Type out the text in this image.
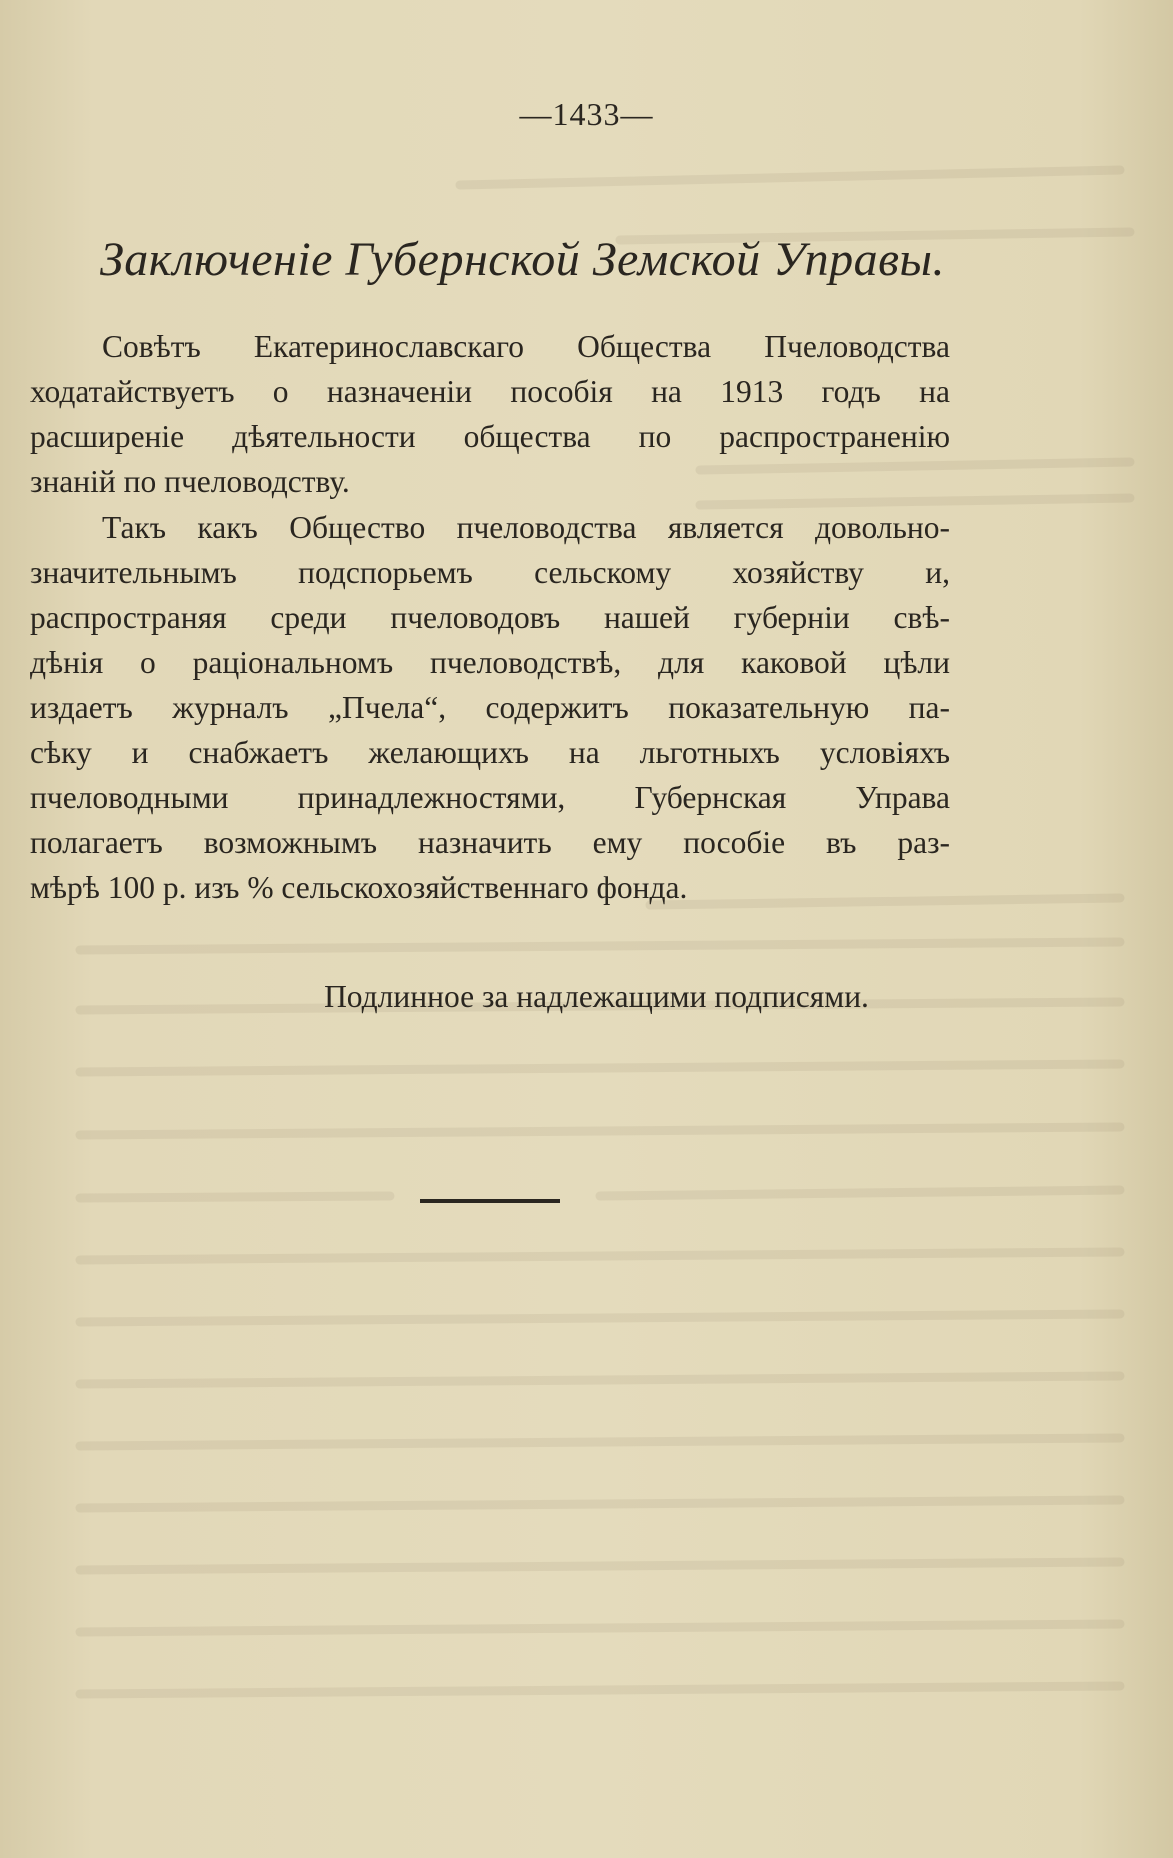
—1433—
Заключеніе Губернской Земской Управы.
Совѣтъ Екатеринославскаго Общества Пчеловодства
ходатайствуетъ о назначеніи пособія на 1913 годъ на
расширеніе дѣятельности общества по распространенію
знаній по пчеловодству.
Такъ какъ Общество пчеловодства является довольно-
значительнымъ подспорьемъ сельскому хозяйству и,
распространяя среди пчеловодовъ нашей губерніи свѣ-
дѣнія о раціональномъ пчеловодствѣ, для каковой цѣли
издаетъ журналъ „Пчела“, содержитъ показательную па-
сѣку и снабжаетъ желающихъ на льготныхъ условіяхъ
пчеловодными принадлежностями, Губернская Управа
полагаетъ возможнымъ назначить ему пособіе въ раз-
мѣрѣ 100 р. изъ % сельскохозяйственнаго фонда.
Подлинное за надлежащими подписями.
